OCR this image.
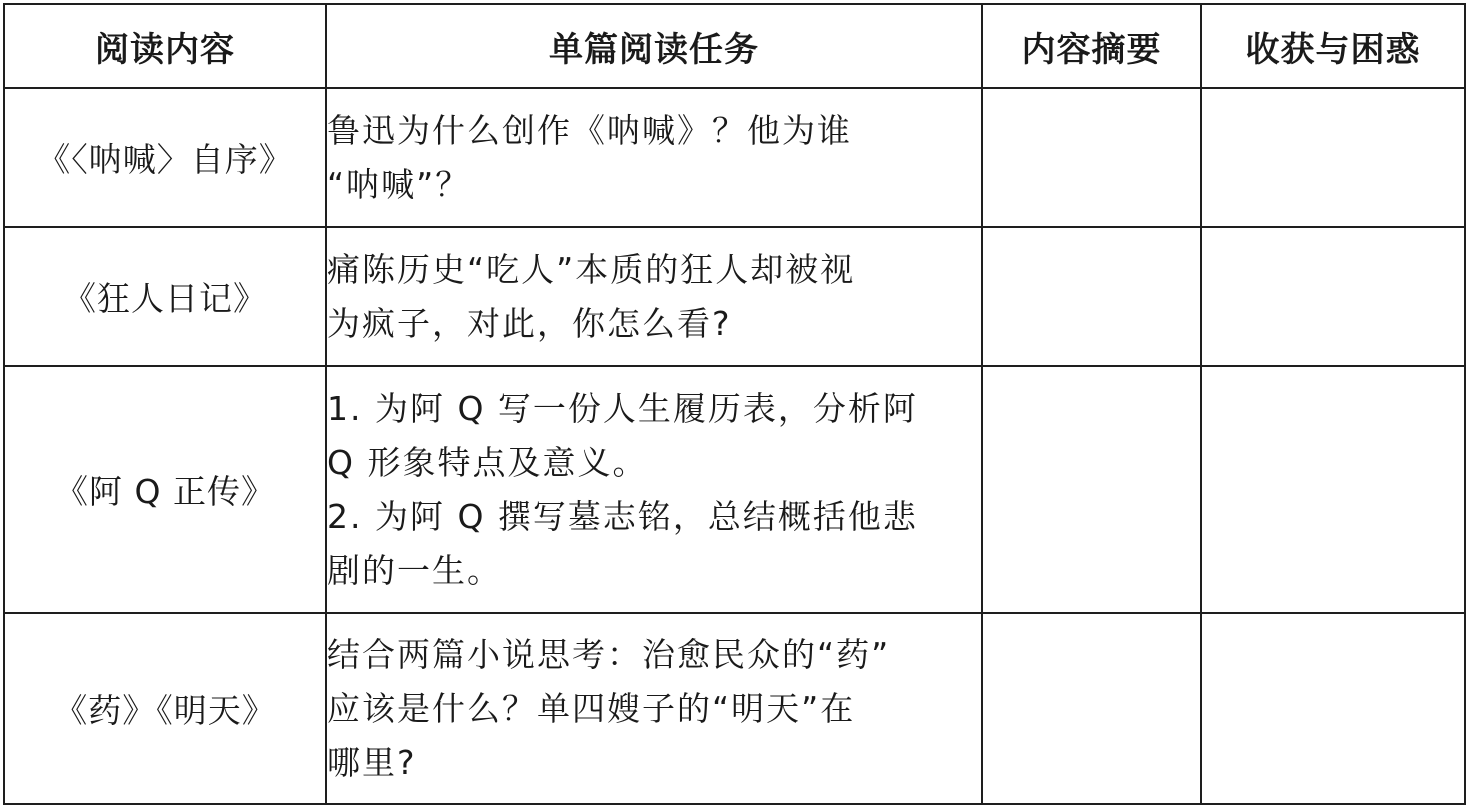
阅读内容	单篇阅读任务	内容摘要	收获与困惑
《〈呐喊〉自序》	鲁迅为什么创作《呐喊》？他为谁
“呐喊”？		

《狂人日记》	痛陈历史“吃人”本质的狂人却被视
为疯子，对此，你怎么看?		

《阿 Q 正传》	1. 为阿 Q 写一份人生履历表，分析阿
Q 形象特点及意义。
2. 为阿 Q 撰写墓志铭，总结概括他悲
剧的一生。		

《药》《明天》	结合两篇小说思考：治愈民众的“药”
应该是什么？单四嫂子的“明天”在
哪里?		
